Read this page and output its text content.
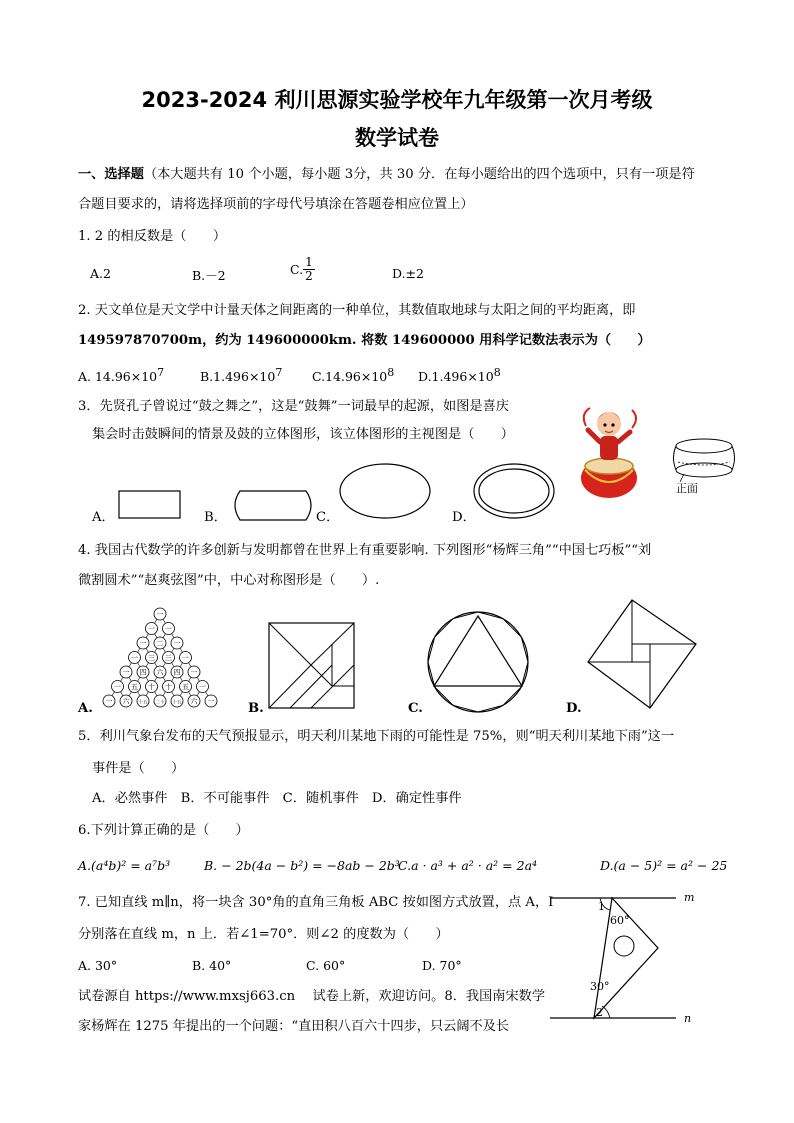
2023-2024 利川思源实验学校年九年级第一次月考级
数学试卷
一、选择题（本大题共有 10 个小题，每小题 3分，共 30 分．在每小题给出的四个选项中，只有一项是符
合题目要求的，请将选择项前的字母代号填涂在答题卷相应位置上）
1. 2 的相反数是（　　）
A.2	B.－2	C. $\frac{1}{2}$	D.±2
2. 天文单位是天文学中计量天体之间距离的一种单位，其数值取地球与太阳之间的平均距离，即
149597870700m，约为 149600000km. 将数 149600000 用科学记数法表示为（　　）
A. $14.96\times 10^7$	$B.1.496\times 10^7$ $C.14.96\times 10^8$ $D.1.496\times 10^8$
3．先贤孔子曾说过“鼓之舞之”，这是“鼓舞”一词最早的起源，如图是喜庆
集会时击鼓瞬间的情景及鼓的立体图形，该立体图形的主视图是（　　）
正面
A．	B．	C．	D．
4. 我国古代数学的许多创新与发明都曾在世界上有重要影响. 下列图形“杨辉三角”“中国七巧板”“刘
微割圆术”“赵爽弦图”中，中心对称图形是（　　）.
A.
一
一 一
一 二 一
一 三 三 一
一 四 六 四 一
一 五 十 十 五 一
一 六 十五 二十 十五 六 一	B.	C.	D.
5．利川气象台发布的天气预报显示，明天利川某地下雨的可能性是 75%，则“明天利川某地下雨”这一
事件是（　　）
A．必然事件　B．不可能事件　C．随机事件　D．确定性事件
6.下列计算正确的是（　　）
A.(a⁴b)² = a⁷b³	B. − 2b(4a − b²) = −8ab − 2b³
C.a · a³ + a² · a² = 2a⁴	D.(a − 5)² = a² − 25
7. 已知直线 m∥n，将一块含 30°角的直角三角板 ABC 按如图方式放置，点 A，I
分别落在直线 m，n 上．若∠1=70°．则∠2 的度数为（　　）
A. 30°	B. 40°	C. 60°	D. 70°
m
n
1
60°
30°
2
试卷源自 https://www.mxsj663.cn　 试卷上新，欢迎访问。8．我国南宋数学
家杨辉在 1275 年提出的一个问题：“直田积八百六十四步，只云阔不及长
